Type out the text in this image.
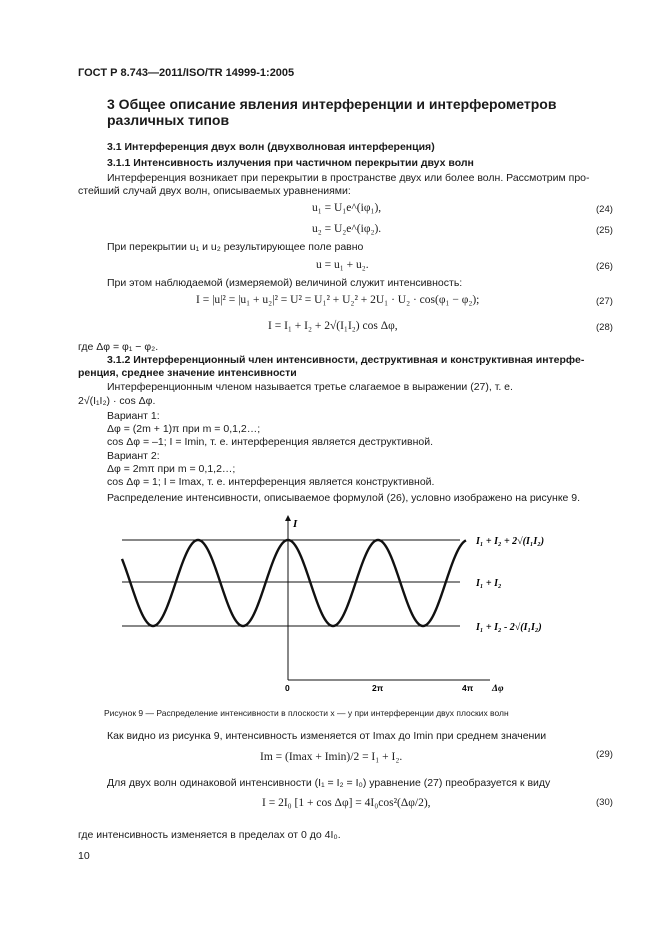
ГОСТ Р 8.743—2011/ISO/TR 14999-1:2005
3 Общее описание явления интерференции и интерферометров
различных типов
3.1 Интерференция двух волн (двухволновая интерференция)
3.1.1 Интенсивность излучения при частичном перекрытии двух волн
Интерференция возникает при перекрытии в пространстве двух или более волн. Рассмотрим про-
стейший случай двух волн, описываемых уравнениями:
u₁ = U₁e^(iφ₁),	(24)
u₂ = U₂e^(iφ₂).	(25)
При перекрытии u₁ и u₂ результирующее поле равно
u = u₁ + u₂.	(26)
При этом наблюдаемой (измеряемой) величиной служит интенсивность:
I = |u|² = |u₁ + u₂|² = U² = U₁² + U₂² + 2U₁ · U₂ · cos(φ₁ − φ₂);	(27)
I = I₁ + I₂ + 2√(I₁I₂) cos Δφ,	(28)
где Δφ = φ₁ − φ₂.
3.1.2 Интерференционный член интенсивности, деструктивная и конструктивная интерфе-
ренция, среднее значение интенсивности
Интерференционным членом называется третье слагаемое в выражении (27), т. е.
2√(I₁I₂) · cos Δφ.
Вариант 1:
Δφ = (2m + 1)π при m = 0,1,2…;
cos Δφ = –1; I = Imin, т. е. интерференция является деструктивной.
Вариант 2:
Δφ = 2mπ при m = 0,1,2…;
cos Δφ = 1; I = Imax, т. е. интерференция является конструктивной.
Распределение интенсивности, описываемое формулой (26), условно изображено на рисунке 9.
I
Δφ
0	2π	4π
I₁ + I₂ + 2√(I₁I₂)
I₁ + I₂
I₁ + I₂ - 2√(I₁I₂)
Рисунок 9 — Распределение интенсивности в плоскости x — y при интерференции двух плоских волн
Как видно из рисунка 9, интенсивность изменяется от Imax до Imin при среднем значении
Im = (Imax + Imin)/2 = I₁ + I₂.	(29)
Для двух волн одинаковой интенсивности (I₁ = I₂ = I₀) уравнение (27) преобразуется к виду
I = 2I₀ [1 + cos Δφ] = 4I₀cos²(Δφ/2),	(30)
где интенсивность изменяется в пределах от 0 до 4I₀.
10
